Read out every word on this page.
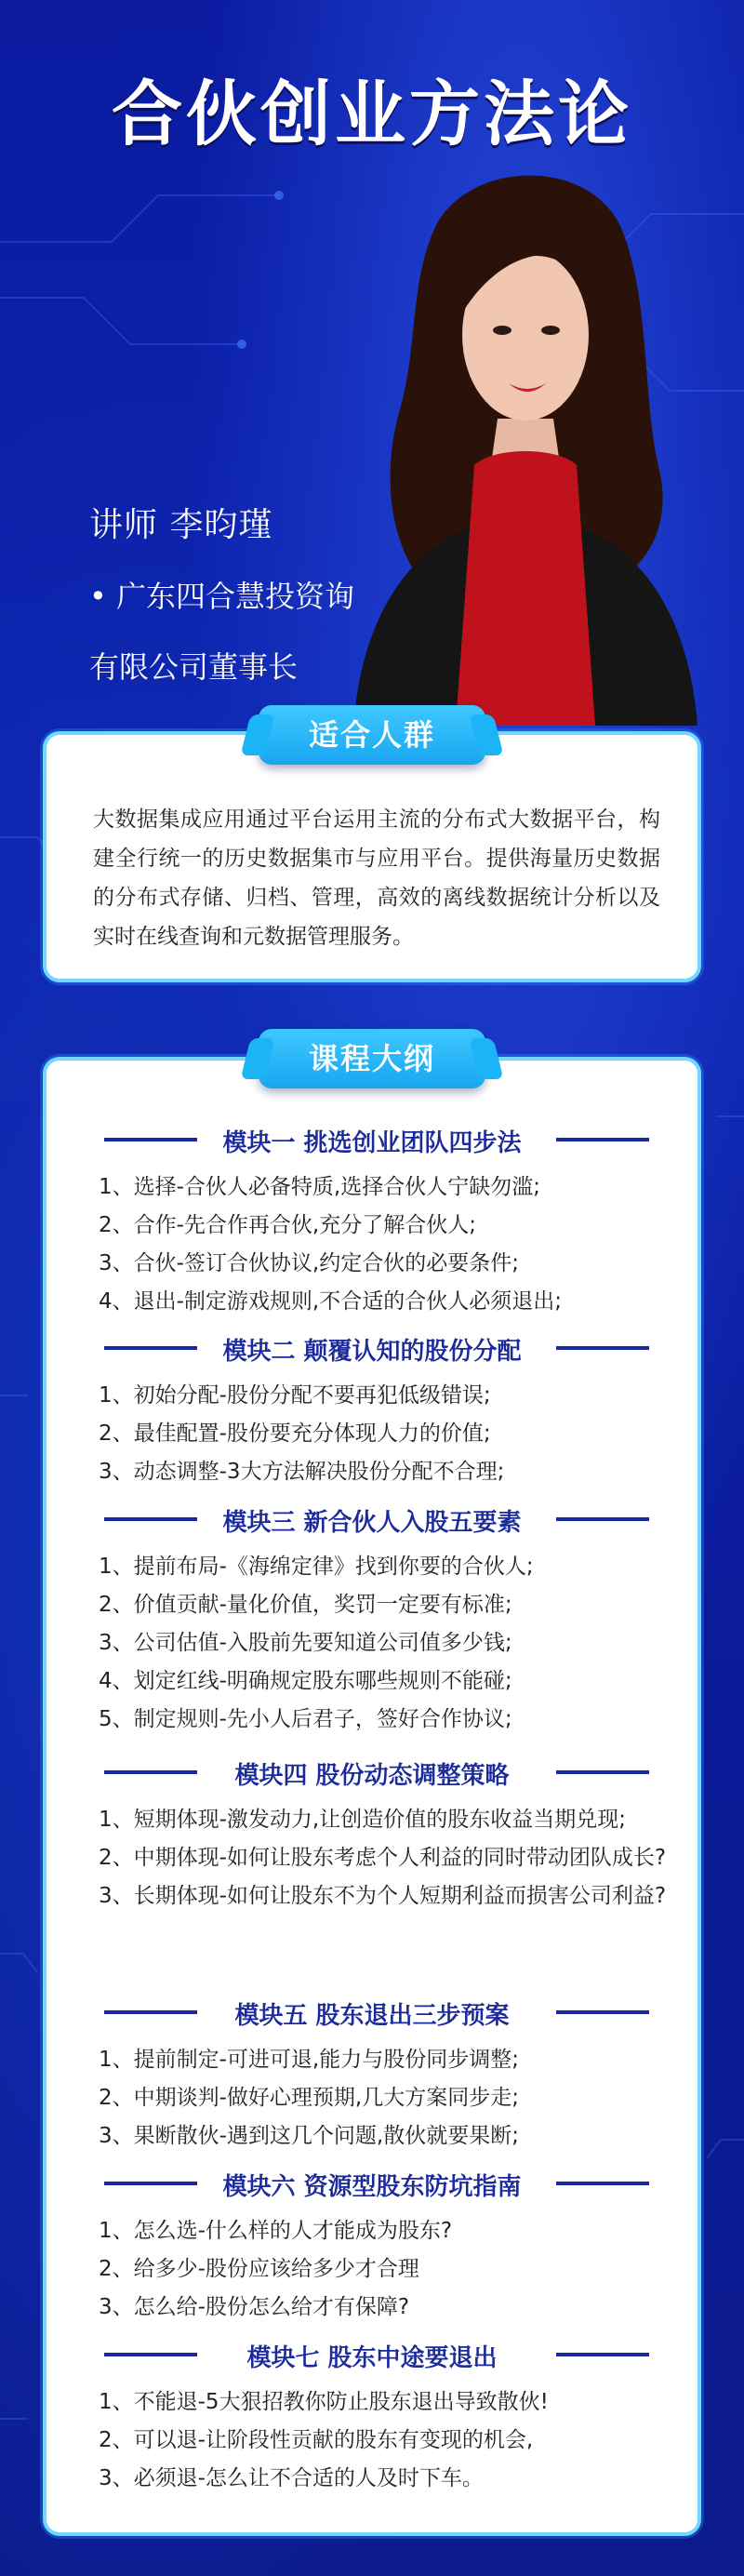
合伙创业方法论
讲师 李昀瑾
• 广东四合慧投资询
有限公司董事长
适合人群
大数据集成应用通过平台运用主流的分布式大数据平台，构建全行统一的历史数据集市与应用平台。提供海量历史数据的分布式存储、归档、管理，高效的离线数据统计分析以及实时在线查询和元数据管理服务。
课程大纲
模块一 挑选创业团队四步法
1、选择-合伙人必备特质,选择合伙人宁缺勿滥;
2、合作-先合作再合伙,充分了解合伙人;
3、合伙-签订合伙协议,约定合伙的必要条件;
4、退出-制定游戏规则,不合适的合伙人必须退出;
模块二 颠覆认知的股份分配
1、初始分配-股份分配不要再犯低级错误;
2、最佳配置-股份要充分体现人力的价值;
3、动态调整-3大方法解决股份分配不合理;
模块三 新合伙人入股五要素
1、提前布局-《海绵定律》找到你要的合伙人;
2、价值贡献-量化价值，奖罚一定要有标准;
3、公司估值-入股前先要知道公司值多少钱;
4、划定红线-明确规定股东哪些规则不能碰;
5、制定规则-先小人后君子，签好合作协议;
模块四 股份动态调整策略
1、短期体现-激发动力,让创造价值的股东收益当期兑现;
2、中期体现-如何让股东考虑个人利益的同时带动团队成长?
3、长期体现-如何让股东不为个人短期利益而损害公司利益?
模块五 股东退出三步预案
1、提前制定-可进可退,能力与股份同步调整;
2、中期谈判-做好心理预期,几大方案同步走;
3、果断散伙-遇到这几个问题,散伙就要果断;
模块六 资源型股东防坑指南
1、怎么选-什么样的人才能成为股东?
2、给多少-股份应该给多少才合理
3、怎么给-股份怎么给才有保障?
模块七 股东中途要退出
1、不能退-5大狠招教你防止股东退出导致散伙!
2、可以退-让阶段性贡献的股东有变现的机会,
3、必须退-怎么让不合适的人及时下车。
